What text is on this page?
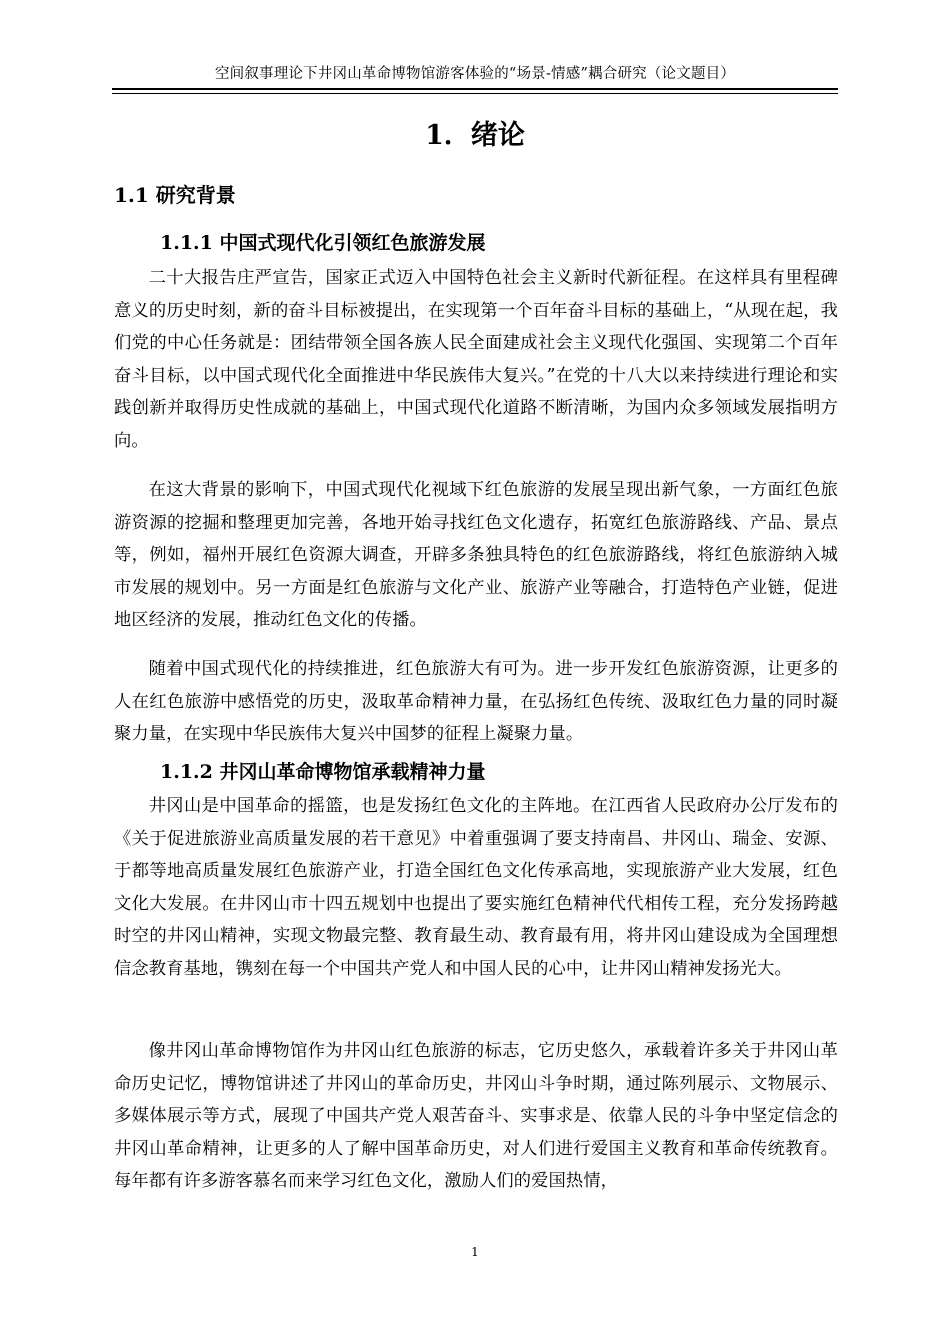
空间叙事理论下井冈山革命博物馆游客体验的“场景-情感”耦合研究（论文题目）
1．绪论
1.1 研究背景
1.1.1 中国式现代化引领红色旅游发展

二十大报告庄严宣告，国家正式迈入中国特色社会主义新时代新征程。在这样具有里程碑意义的历史时刻，新的奋斗目标被提出，在实现第一个百年奋斗目标的基础上，“从现在起，我们党的中心任务就是：团结带领全国各族人民全面建成社会主义现代化强国、实现第二个百年奋斗目标，以中国式现代化全面推进中华民族伟大复兴。”在党的十八大以来持续进行理论和实践创新并取得历史性成就的基础上，中国式现代化道路不断清晰，为国内众多领域发展指明方向。

在这大背景的影响下，中国式现代化视域下红色旅游的发展呈现出新气象，一方面红色旅游资源的挖掘和整理更加完善，各地开始寻找红色文化遗存，拓宽红色旅游路线、产品、景点等，例如，福州开展红色资源大调查，开辟多条独具特色的红色旅游路线，将红色旅游纳入城市发展的规划中。另一方面是红色旅游与文化产业、旅游产业等融合，打造特色产业链，促进地区经济的发展，推动红色文化的传播。

随着中国式现代化的持续推进，红色旅游大有可为。进一步开发红色旅游资源，让更多的人在红色旅游中感悟党的历史，汲取革命精神力量，在弘扬红色传统、汲取红色力量的同时凝聚力量，在实现中华民族伟大复兴中国梦的征程上凝聚力量。

1.1.2 井冈山革命博物馆承载精神力量

井冈山是中国革命的摇篮，也是发扬红色文化的主阵地。在江西省人民政府办公厅发布的《关于促进旅游业高质量发展的若干意见》中着重强调了要支持南昌、井冈山、瑞金、安源、于都等地高质量发展红色旅游产业，打造全国红色文化传承高地，实现旅游产业大发展，红色文化大发展。在井冈山市十四五规划中也提出了要实施红色精神代代相传工程，充分发扬跨越时空的井冈山精神，实现文物最完整、教育最生动、教育最有用，将井冈山建设成为全国理想信念教育基地，镌刻在每一个中国共产党人和中国人民的心中，让井冈山精神发扬光大。

像井冈山革命博物馆作为井冈山红色旅游的标志，它历史悠久，承载着许多关于井冈山革命历史记忆，博物馆讲述了井冈山的革命历史，井冈山斗争时期，通过陈列展示、文物展示、多媒体展示等方式，展现了中国共产党人艰苦奋斗、实事求是、依靠人民的斗争中坚定信念的井冈山革命精神，让更多的人了解中国革命历史，对人们进行爱国主义教育和革命传统教育。每年都有许多游客慕名而来学习红色文化，激励人们的爱国热情，

1
